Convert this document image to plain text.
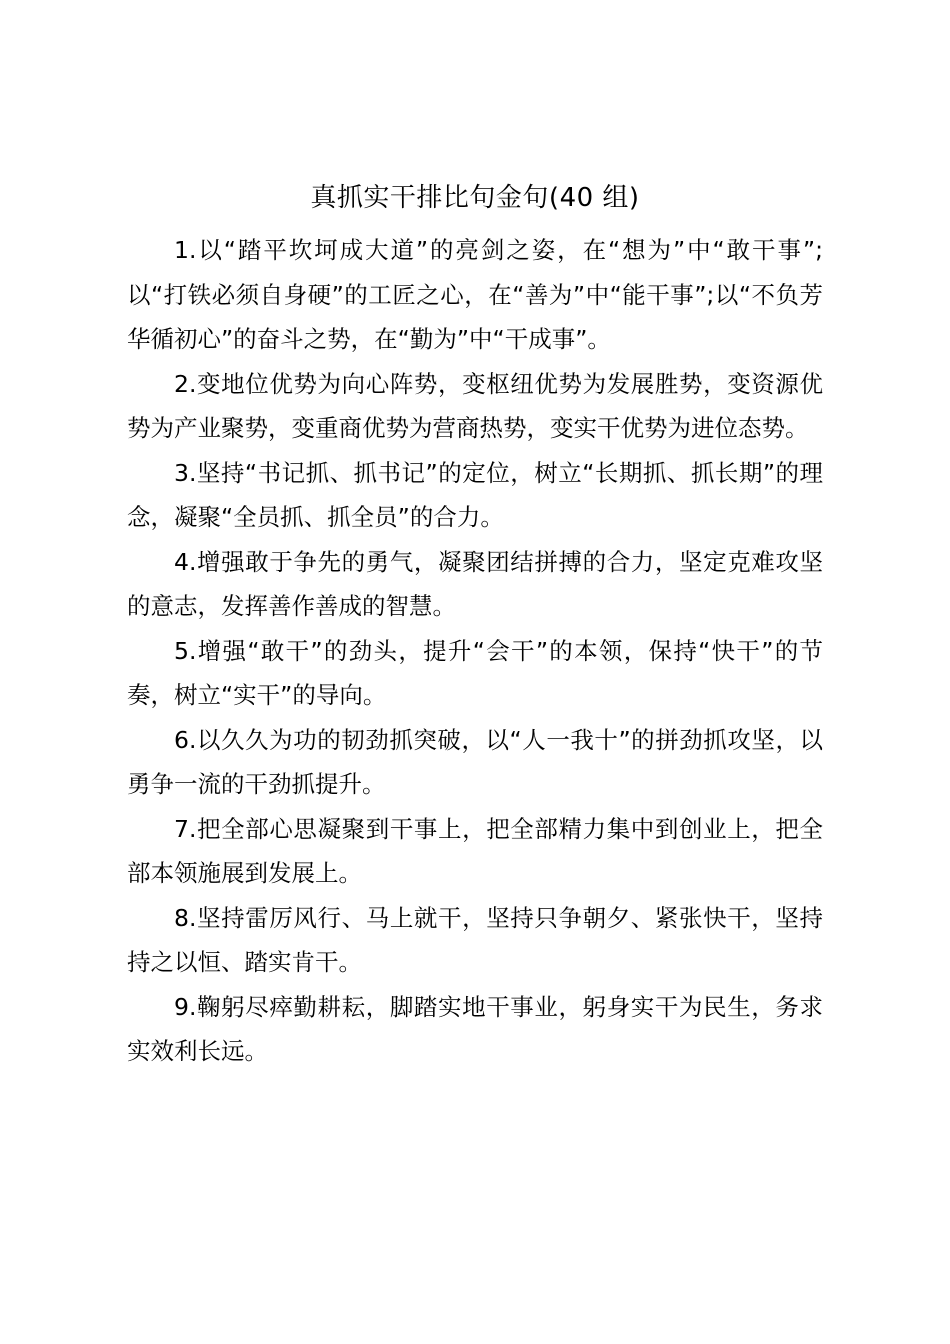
真抓实干排比句金句(40 组)

1.以“踏平坎坷成大道”的亮剑之姿，在“想为”中“敢干事”;以“打铁必须自身硬”的工匠之心，在“善为”中“能干事”;以“不负芳华循初心”的奋斗之势，在“勤为”中“干成事”。

2.变地位优势为向心阵势，变枢纽优势为发展胜势，变资源优势为产业聚势，变重商优势为营商热势，变实干优势为进位态势。

3.坚持“书记抓、抓书记”的定位，树立“长期抓、抓长期”的理念，凝聚“全员抓、抓全员”的合力。

4.增强敢于争先的勇气，凝聚团结拼搏的合力，坚定克难攻坚的意志，发挥善作善成的智慧。

5.增强“敢干”的劲头，提升“会干”的本领，保持“快干”的节奏，树立“实干”的导向。

6.以久久为功的韧劲抓突破，以“人一我十”的拼劲抓攻坚，以勇争一流的干劲抓提升。

7.把全部心思凝聚到干事上，把全部精力集中到创业上，把全部本领施展到发展上。

8.坚持雷厉风行、马上就干，坚持只争朝夕、紧张快干，坚持持之以恒、踏实肯干。

9.鞠躬尽瘁勤耕耘，脚踏实地干事业，躬身实干为民生，务求实效利长远。
